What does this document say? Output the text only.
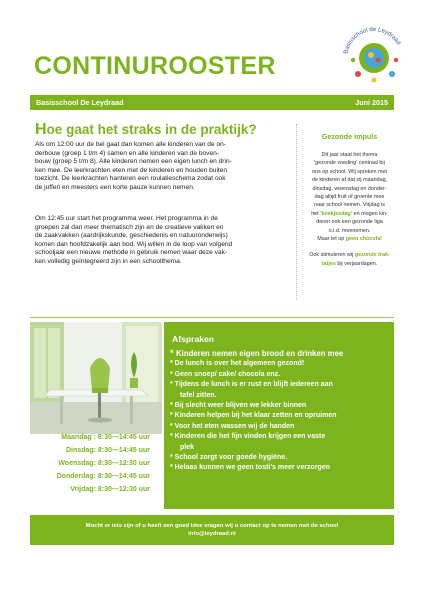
CONTINUROOSTER
Basisschool de Leydraad
Basisschool De Leydraad	Juni 2015
Hoe gaat het straks in de praktijk?
Als om 12:00 uur de bel gaat dan komen alle kinderen van de on-
derbouw (groep 1 t/m 4) samen en alle kinderen van de boven-
bouw (groep 5 t/m 8). Alle kinderen nemen een eigen lunch en drin-
ken mee. De leerkrachten eten met de kinderen en houden buiten
toezicht. De leerkrachten hanteren een roulatieschema zodat ook
de juffen en meesters een korte pauze kunnen nemen.
Om 12:45 uur start het programma weer. Het programma in de
groepen zal dan meer thematisch zijn en de creatieve vakken en
de zaakvakken (aardrijkskunde, geschiedenis en natuuronderwijs)
komen dan hoofdzakelijk aan bod. Wij willen in de loop van volgend
schooljaar een nieuwe methode in gebruik nemen waar deze vak-
ken volledig geïntegreerd zijn in een schoolthema.
Gezonde impuls
Dit jaar staat het thema
'gezonde voeding' centraal bij
ons op school. Wij spreken met
de kinderen af dat zij maandag,
dinsdag, woensdag en donder-
dag altijd fruit of groente mee
naar school nemen. Vrijdag is
het 'koekjesdag' en mogen kin-
deren ook een gezonde liga
o.i.d. meenemen.
Maar let op geen chocola!
Ook stimuleren wij gezonde trak-
tatjes bij verjaardagen.
Maandag : 8:30—14:45 uur
Dinsdag: 8:30—14:45 uur
Woensdag: 8:30—12:30 uur
Donderdag: 8:30—14:45 uur
Vrijdag: 8:30—12:30 uur
Afspraken
* Kinderen nemen eigen brood en drinken mee
* De lunch is over het algemeen gezond!
* Geen snoep/ cake/ chocola enz.
* Tijdens de lunch is er rust en blijft iedereen aan
tafel zitten.
* Bij slecht weer blijven we lekker binnen
* Kinderen helpen bij het klaar zetten en opruimen
* Voor het eten wassen wij de handen
* Kinderen die het fijn vinden krijgen een vaste
plek
* School zorgt voor goede hygiëne.
* Helaas kunnen we geen tosti's meer verzorgen
Mocht er iets zijn of u heeft een goed idee vragen wij u contact op te nemen met de school
info@leydraad.nl
